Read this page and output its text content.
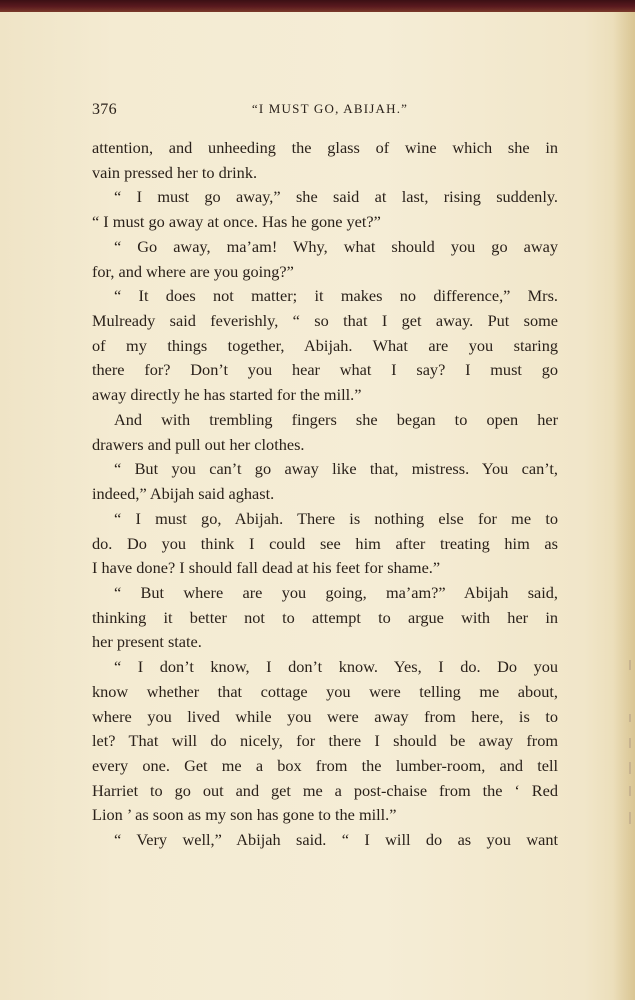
376	“I MUST GO, ABIJAH.”
attention, and unheeding the glass of wine which she in
vain pressed her to drink.
“ I must go away,” she said at last, rising suddenly.
“ I must go away at once. Has he gone yet?”
“ Go away, ma’am! Why, what should you go away
for, and where are you going?”
“ It does not matter; it makes no difference,” Mrs.
Mulready said feverishly, “ so that I get away. Put some
of my things together, Abijah. What are you staring
there for? Don’t you hear what I say? I must go
away directly he has started for the mill.”
And with trembling fingers she began to open her
drawers and pull out her clothes.
“ But you can’t go away like that, mistress. You can’t,
indeed,” Abijah said aghast.
“ I must go, Abijah. There is nothing else for me to
do. Do you think I could see him after treating him as
I have done? I should fall dead at his feet for shame.”
“ But where are you going, ma’am?” Abijah said,
thinking it better not to attempt to argue with her in
her present state.
“ I don’t know, I don’t know. Yes, I do. Do you
know whether that cottage you were telling me about,
where you lived while you were away from here, is to
let? That will do nicely, for there I should be away from
every one. Get me a box from the lumber-room, and tell
Harriet to go out and get me a post-chaise from the ‘ Red
Lion ’ as soon as my son has gone to the mill.”
“ Very well,” Abijah said. “ I will do as you want
